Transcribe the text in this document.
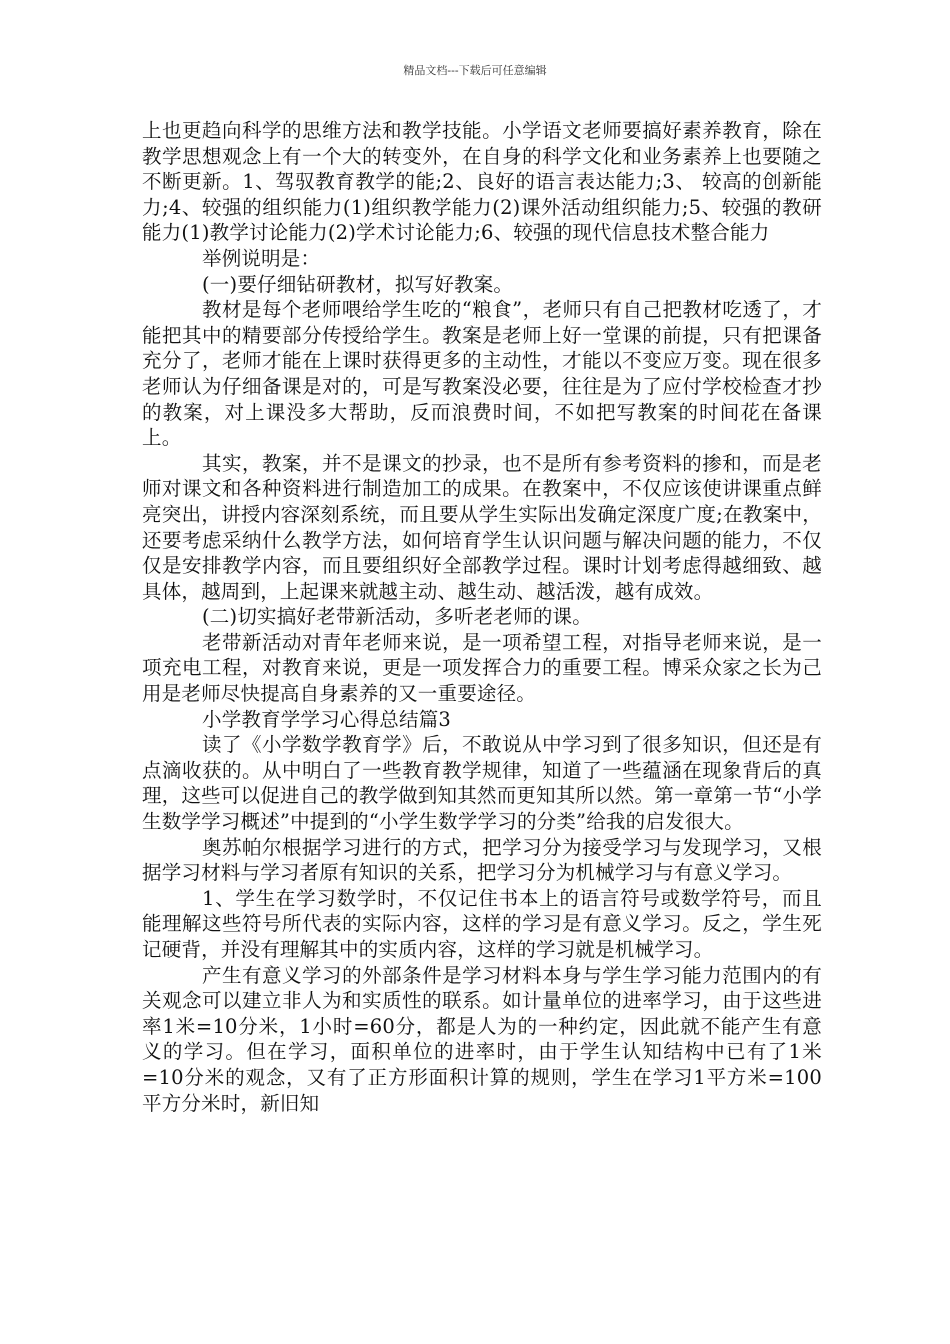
精品文档---下载后可任意编辑

上也更趋向科学的思维方法和教学技能。小学语文老师要搞好素养教育，除在教学思想观念上有一个大的转变外，在自身的科学文化和业务素养上也要随之不断更新。1、驾驭教育教学的能;2、良好的语言表达能力;3、 较高的创新能力;4、较强的组织能力(1)组织教学能力(2)课外活动组织能力;5、较强的教研能力(1)教学讨论能力(2)学术讨论能力;6、较强的现代信息技术整合能力

举例说明是：

(一)要仔细钻研教材，拟写好教案。

教材是每个老师喂给学生吃的“粮食”，老师只有自己把教材吃透了，才能把其中的精要部分传授给学生。教案是老师上好一堂课的前提，只有把课备充分了，老师才能在上课时获得更多的主动性，才能以不变应万变。现在很多老师认为仔细备课是对的，可是写教案没必要，往往是为了应付学校检查才抄的教案，对上课没多大帮助，反而浪费时间，不如把写教案的时间花在备课上。

其实，教案，并不是课文的抄录，也不是所有参考资料的掺和，而是老师对课文和各种资料进行制造加工的成果。在教案中，不仅应该使讲课重点鲜亮突出，讲授内容深刻系统，而且要从学生实际出发确定深度广度;在教案中，还要考虑采纳什么教学方法，如何培育学生认识问题与解决问题的能力，不仅仅是安排教学内容，而且要组织好全部教学过程。课时计划考虑得越细致、越具体，越周到，上起课来就越主动、越生动、越活泼，越有成效。

(二)切实搞好老带新活动，多听老老师的课。

老带新活动对青年老师来说，是一项希望工程，对指导老师来说，是一项充电工程，对教育来说，更是一项发挥合力的重要工程。博采众家之长为己用是老师尽快提高自身素养的又一重要途径。

小学教育学学习心得总结篇3

读了《小学数学教育学》后，不敢说从中学习到了很多知识，但还是有点滴收获的。从中明白了一些教育教学规律，知道了一些蕴涵在现象背后的真理，这些可以促进自己的教学做到知其然而更知其所以然。第一章第一节“小学生数学学习概述”中提到的“小学生数学学习的分类”给我的启发很大。

奥苏帕尔根据学习进行的方式，把学习分为接受学习与发现学习，又根据学习材料与学习者原有知识的关系，把学习分为机械学习与有意义学习。

1、学生在学习数学时，不仅记住书本上的语言符号或数学符号，而且能理解这些符号所代表的实际内容，这样的学习是有意义学习。反之，学生死记硬背，并没有理解其中的实质内容，这样的学习就是机械学习。

产生有意义学习的外部条件是学习材料本身与学生学习能力范围内的有关观念可以建立非人为和实质性的联系。如计量单位的进率学习，由于这些进率1米=10分米，1小时=60分，都是人为的一种约定，因此就不能产生有意义的学习。但在学习，面积单位的进率时，由于学生认知结构中已有了1米=10分米的观念，又有了正方形面积计算的规则，学生在学习1平方米=100平方分米时，新旧知
